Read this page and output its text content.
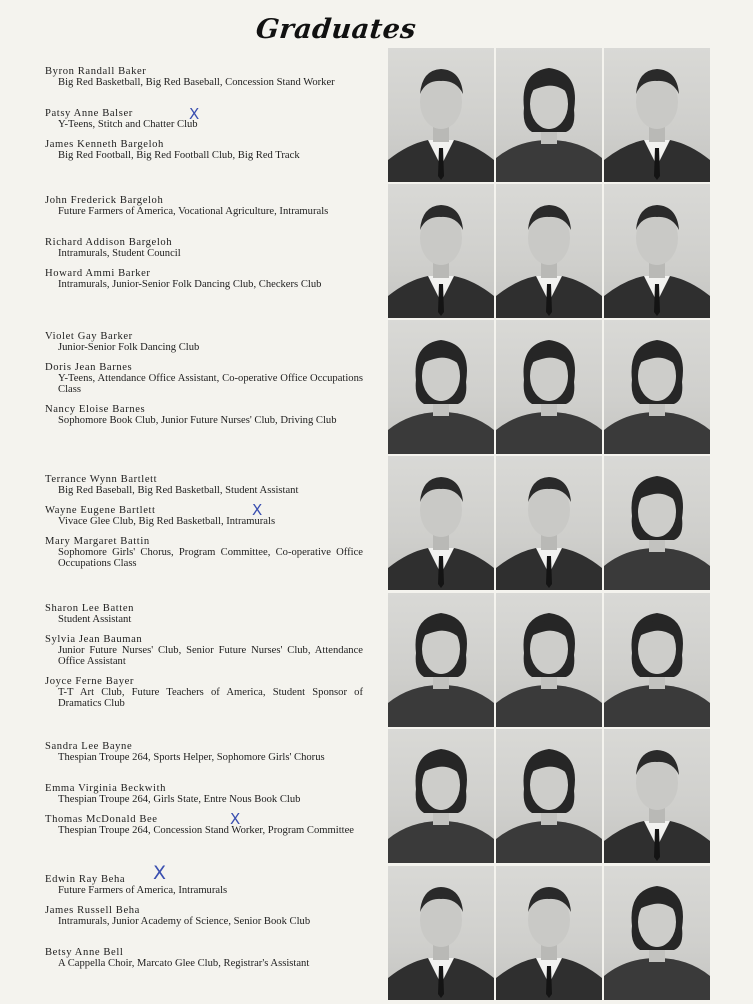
Graduates
Byron Randall Baker
Big Red Basketball, Big Red Baseball, Concession Stand Worker
Patsy Anne Balser
Y-Teens, Stitch and Chatter Club
James Kenneth Bargeloh
Big Red Football, Big Red Football Club, Big Red Track
John Frederick Bargeloh
Future Farmers of America, Vocational Agriculture, Intramurals
Richard Addison Bargeloh
Intramurals, Student Council
Howard Ammi Barker
Intramurals, Junior-Senior Folk Dancing Club, Checkers Club
Violet Gay Barker
Junior-Senior Folk Dancing Club
Doris Jean Barnes
Y-Teens, Attendance Office Assistant, Co-operative Office Occupations Class
Nancy Eloise Barnes
Sophomore Book Club, Junior Future Nurses' Club, Driving Club
Terrance Wynn Bartlett
Big Red Baseball, Big Red Basketball, Student Assistant
Wayne Eugene Bartlett
Vivace Glee Club, Big Red Basketball, Intramurals
Mary Margaret Battin
Sophomore Girls' Chorus, Program Committee, Co-operative Office Occupations Class
Sharon Lee Batten
Student Assistant
Sylvia Jean Bauman
Junior Future Nurses' Club, Senior Future Nurses' Club, Attendance Office Assistant
Joyce Ferne Bayer
T-T Art Club, Future Teachers of America, Student Sponsor of Dramatics Club
Sandra Lee Bayne
Thespian Troupe 264, Sports Helper, Sophomore Girls' Chorus
Emma Virginia Beckwith
Thespian Troupe 264, Girls State, Entre Nous Book Club
Thomas McDonald Bee
Thespian Troupe 264, Concession Stand Worker, Program Committee
Edwin Ray Beha
Future Farmers of America, Intramurals
James Russell Beha
Intramurals, Junior Academy of Science, Senior Book Club
Betsy Anne Bell
A Cappella Choir, Marcato Glee Club, Registrar's Assistant
X
X
X
X
